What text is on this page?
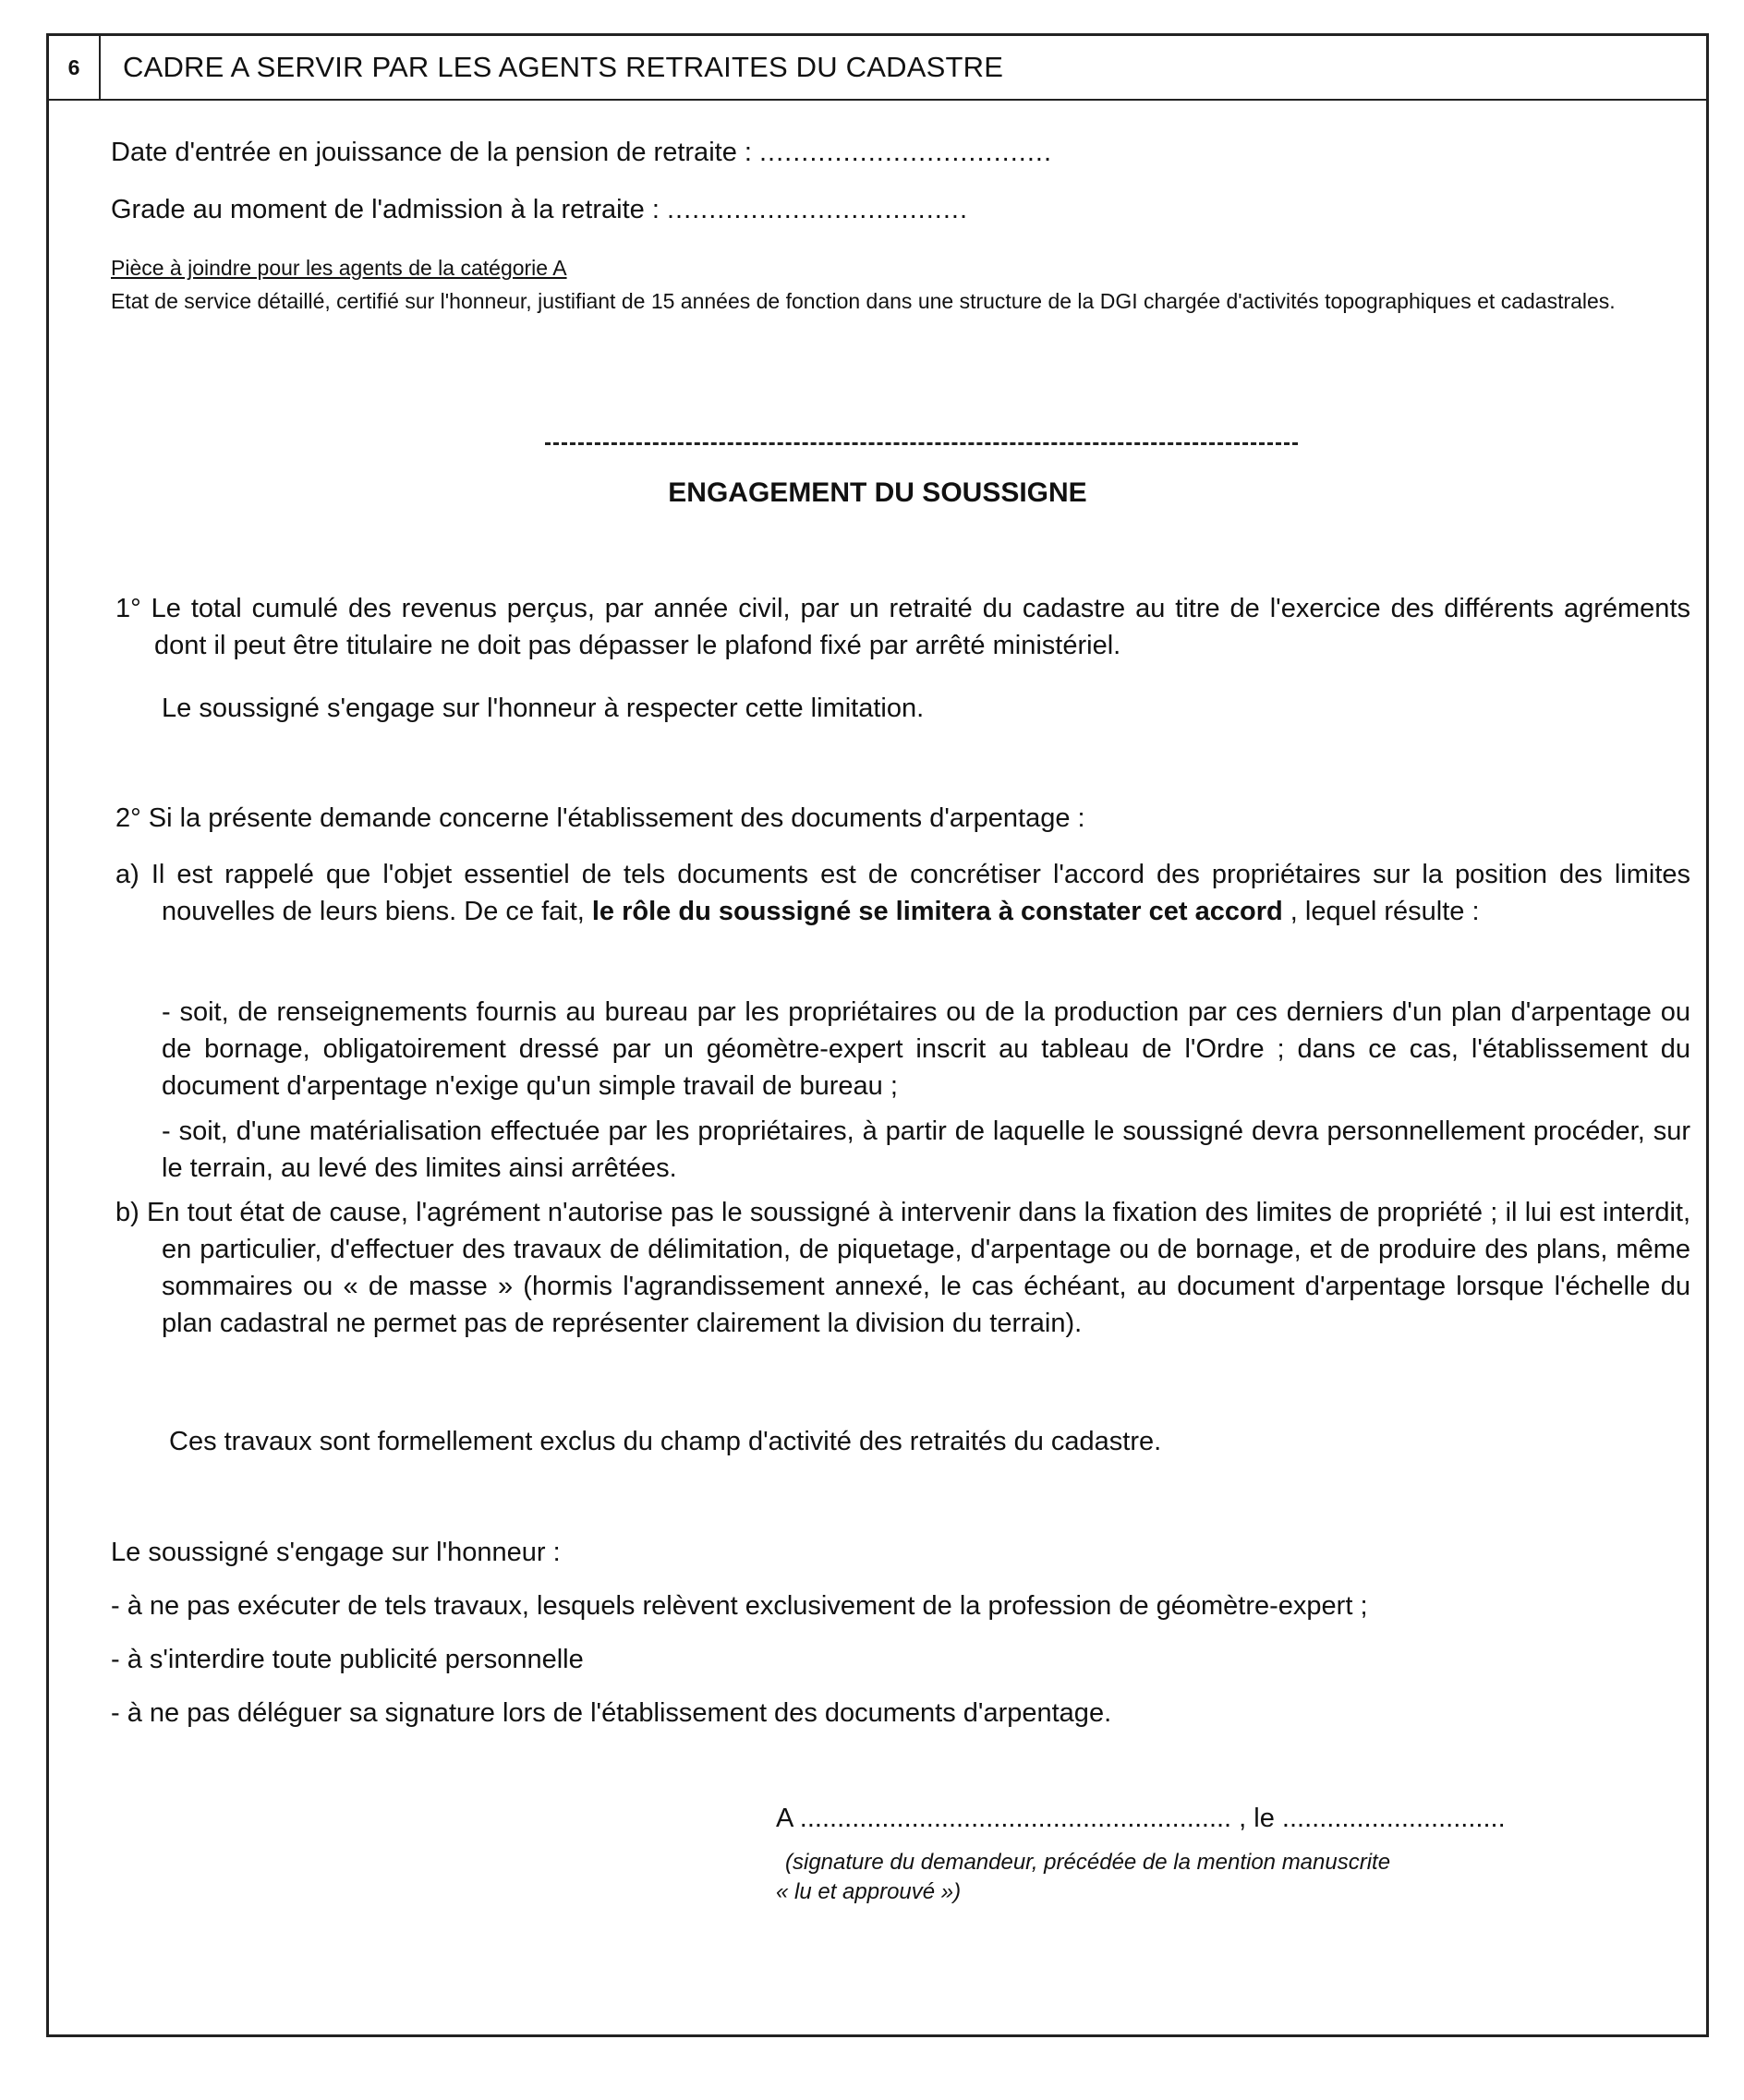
6	CADRE A SERVIR PAR LES AGENTS RETRAITES DU CADASTRE

Date d'entrée en jouissance de la pension de retraite : ...................................

Grade au moment de l'admission à la retraite : ....................................

Pièce à joindre pour les agents de la catégorie A

Etat de service détaillé, certifié sur l'honneur, justifiant de 15 années de fonction dans une structure de la DGI chargée d'activités topographiques et cadastrales.

ENGAGEMENT DU SOUSSIGNE

1° Le total cumulé des revenus perçus, par année civil, par un retraité du cadastre au titre de l'exercice des différents agréments dont il peut être titulaire ne doit pas dépasser le plafond fixé par arrêté ministériel.

Le soussigné s'engage sur l'honneur à respecter cette limitation.

2° Si la présente demande concerne l'établissement des documents d'arpentage :

a) Il est rappelé que l'objet essentiel de tels documents est de concrétiser l'accord des propriétaires sur la position des limites nouvelles de leurs biens. De ce fait, le rôle du soussigné se limitera à constater cet accord , lequel résulte :

- soit, de renseignements fournis au bureau par les propriétaires ou de la production par ces derniers d'un plan d'arpentage ou de bornage, obligatoirement dressé par un géomètre-expert inscrit au tableau de l'Ordre ; dans ce cas, l'établissement du document d'arpentage n'exige qu'un simple travail de bureau ;

- soit, d'une matérialisation effectuée par les propriétaires, à partir de laquelle le soussigné devra personnellement procéder, sur le terrain, au levé des limites ainsi arrêtées.

b) En tout état de cause, l'agrément n'autorise pas le soussigné à intervenir dans la fixation des limites de propriété ; il lui est interdit, en particulier, d'effectuer des travaux de délimitation, de piquetage, d'arpentage ou de bornage, et de produire des plans, même sommaires ou « de masse » (hormis l'agrandissement annexé, le cas échéant, au document d'arpentage lorsque l'échelle du plan cadastral ne permet pas de représenter clairement la division du terrain).

Ces travaux sont formellement exclus du champ d'activité des retraités du cadastre.

Le soussigné s'engage sur l'honneur :

- à ne pas exécuter de tels travaux, lesquels relèvent exclusivement de la profession de géomètre-expert ;

- à s'interdire toute publicité personnelle

- à ne pas déléguer sa signature lors de l'établissement des documents d'arpentage.

A .......................................................... , le ..............................

(signature du demandeur, précédée de la mention manuscrite

« lu et approuvé »)
